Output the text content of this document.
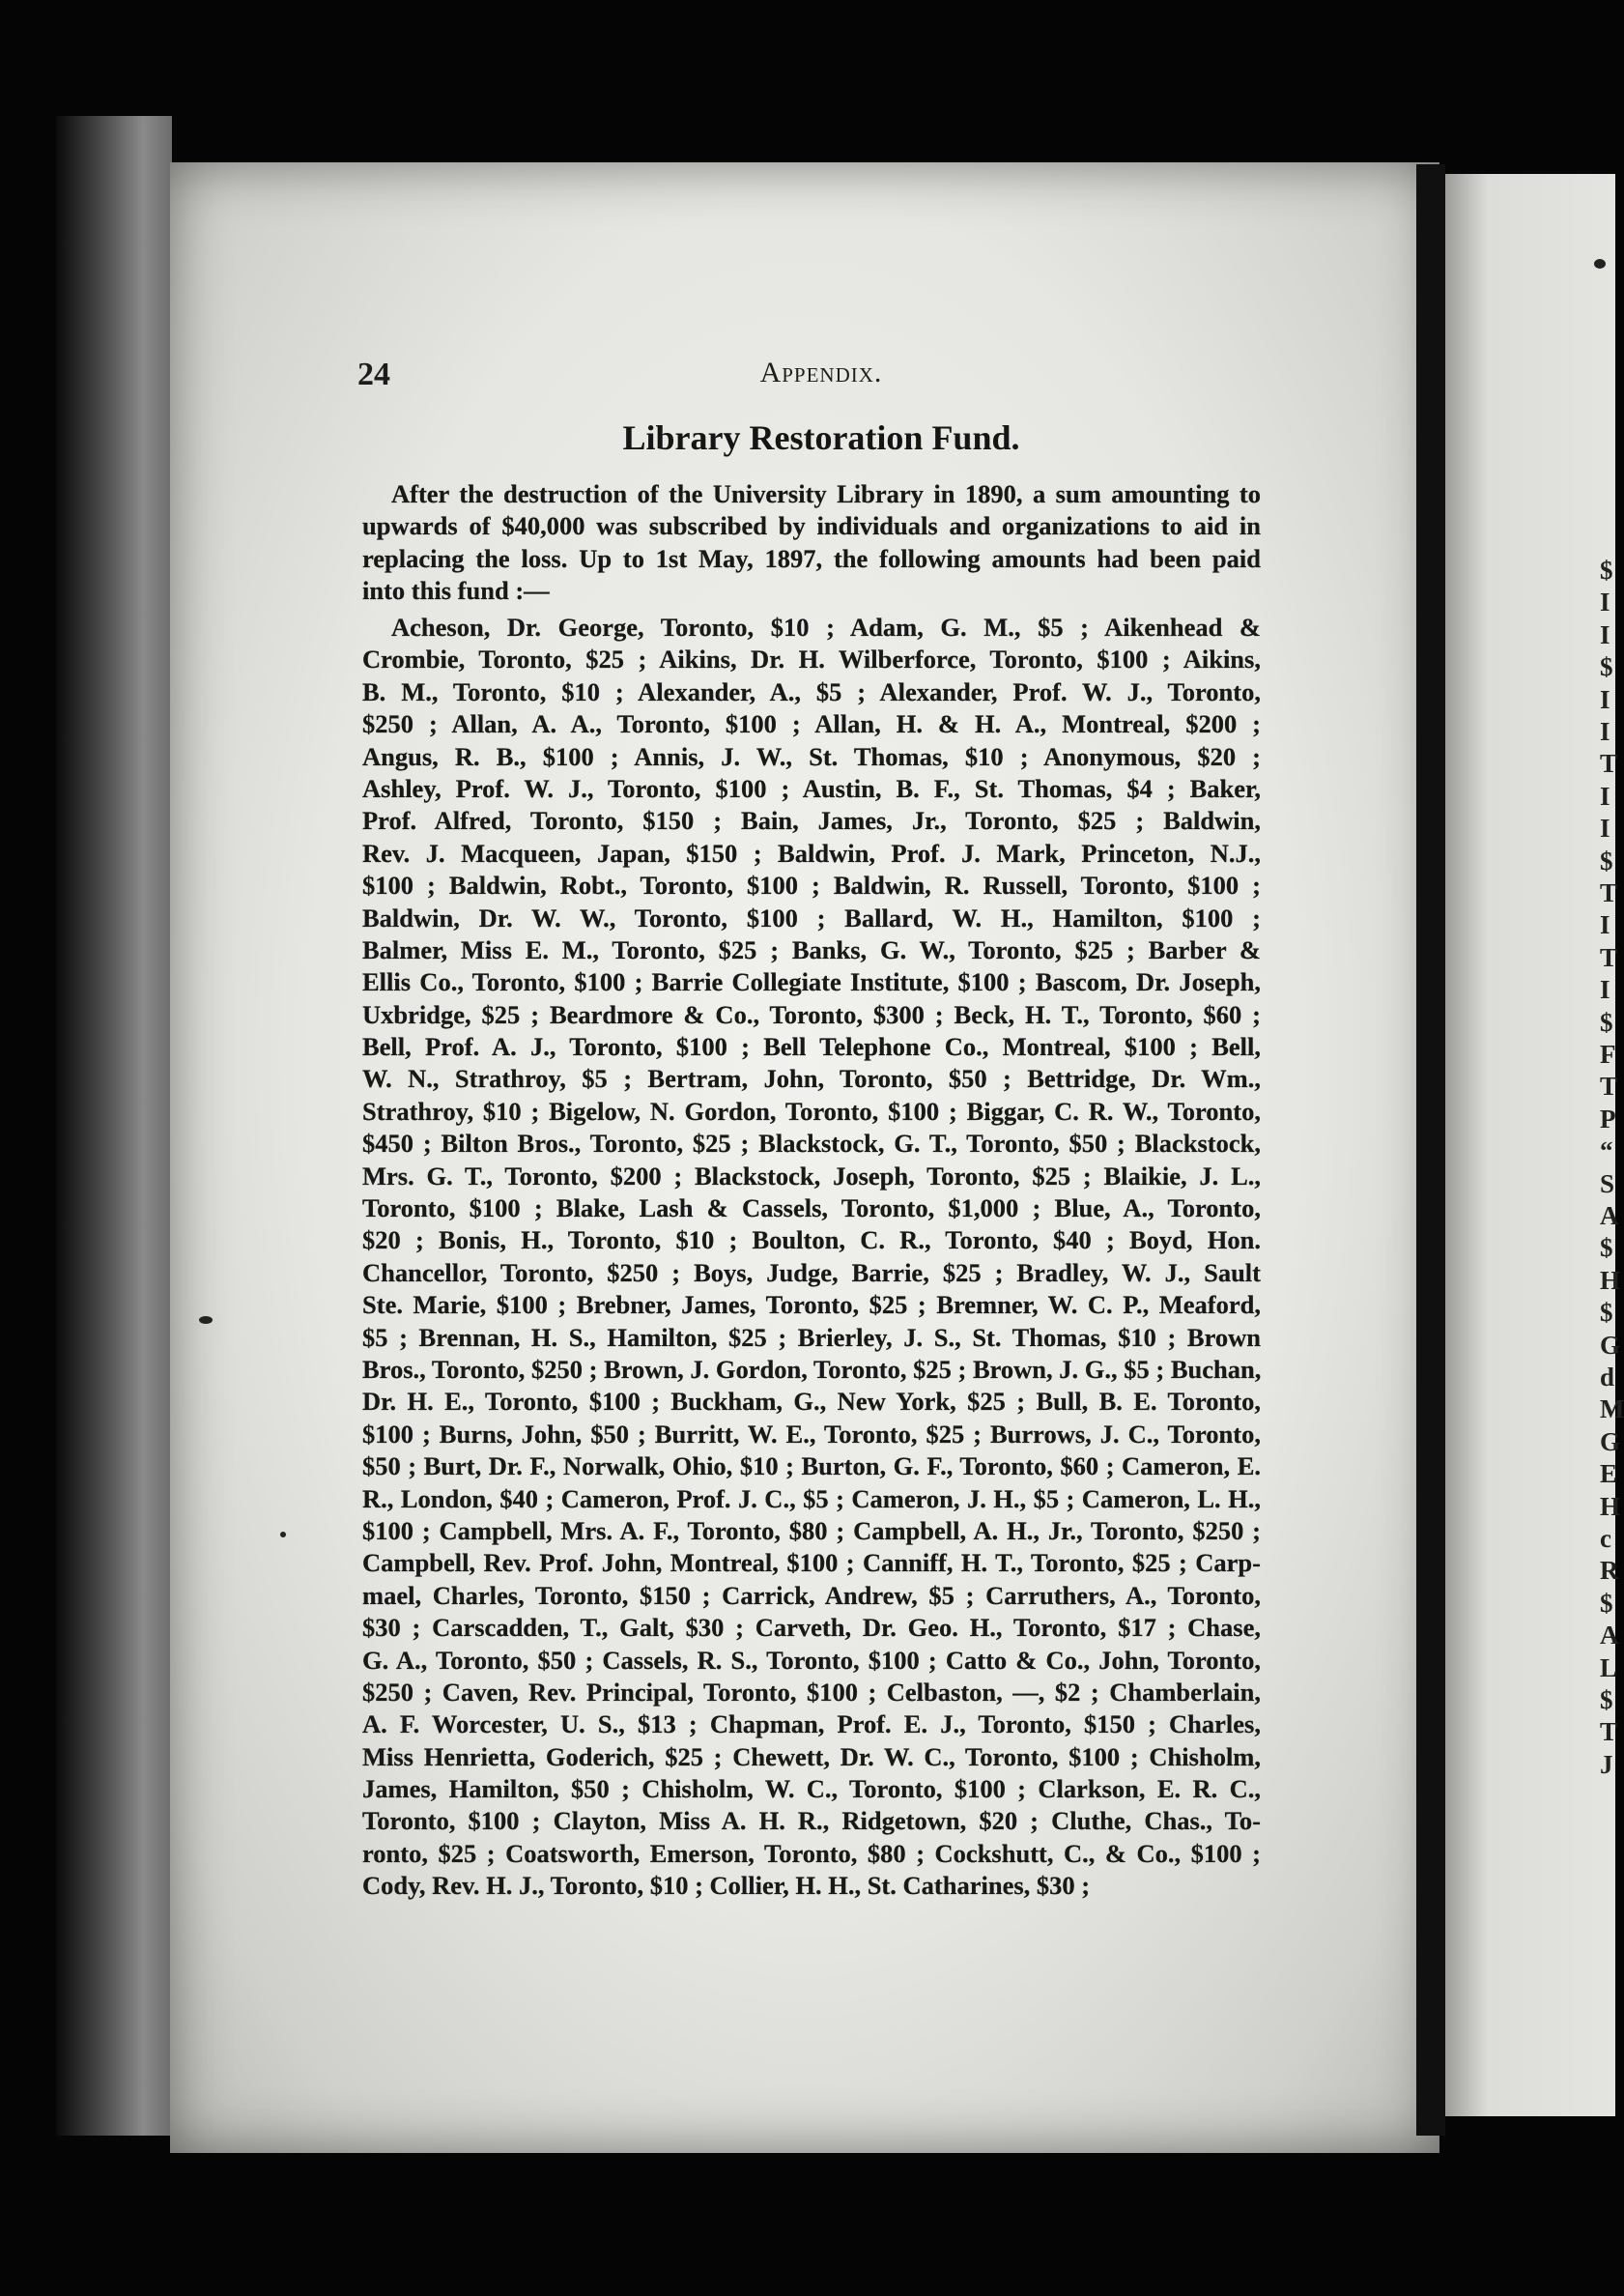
$
I
I
$
I
I
T
I
I
$
T
I
T
I
$
F
T
P
“
S
A
$
H
$
G
d
M
G
E
H
c
R
$
A
L
$
T
J
24	Appendix.
Library Restoration Fund.
After the destruction of the University Library in 1890, a sum amounting to
upwards of $40,000 was subscribed by individuals and organizations to aid in
replacing the loss. Up to 1st May, 1897, the following amounts had been paid
into this fund :—
Acheson, Dr. George, Toronto, $10 ; Adam, G. M., $5 ; Aikenhead &
Crombie, Toronto, $25 ; Aikins, Dr. H. Wilberforce, Toronto, $100 ; Aikins,
B. M., Toronto, $10 ; Alexander, A., $5 ; Alexander, Prof. W. J., Toronto,
$250 ; Allan, A. A., Toronto, $100 ; Allan, H. & H. A., Montreal, $200 ;
Angus, R. B., $100 ; Annis, J. W., St. Thomas, $10 ; Anonymous, $20 ;
Ashley, Prof. W. J., Toronto, $100 ; Austin, B. F., St. Thomas, $4 ; Baker,
Prof. Alfred, Toronto, $150 ; Bain, James, Jr., Toronto, $25 ; Baldwin,
Rev. J. Macqueen, Japan, $150 ; Baldwin, Prof. J. Mark, Princeton, N.J.,
$100 ; Baldwin, Robt., Toronto, $100 ; Baldwin, R. Russell, Toronto, $100 ;
Baldwin, Dr. W. W., Toronto, $100 ; Ballard, W. H., Hamilton, $100 ;
Balmer, Miss E. M., Toronto, $25 ; Banks, G. W., Toronto, $25 ; Barber &
Ellis Co., Toronto, $100 ; Barrie Collegiate Institute, $100 ; Bascom, Dr. Joseph,
Uxbridge, $25 ; Beardmore & Co., Toronto, $300 ; Beck, H. T., Toronto, $60 ;
Bell, Prof. A. J., Toronto, $100 ; Bell Telephone Co., Montreal, $100 ; Bell,
W. N., Strathroy, $5 ; Bertram, John, Toronto, $50 ; Bettridge, Dr. Wm.,
Strathroy, $10 ; Bigelow, N. Gordon, Toronto, $100 ; Biggar, C. R. W., Toronto,
$450 ; Bilton Bros., Toronto, $25 ; Blackstock, G. T., Toronto, $50 ; Blackstock,
Mrs. G. T., Toronto, $200 ; Blackstock, Joseph, Toronto, $25 ; Blaikie, J. L.,
Toronto, $100 ; Blake, Lash & Cassels, Toronto, $1,000 ; Blue, A., Toronto,
$20 ; Bonis, H., Toronto, $10 ; Boulton, C. R., Toronto, $40 ; Boyd, Hon.
Chancellor, Toronto, $250 ; Boys, Judge, Barrie, $25 ; Bradley, W. J., Sault
Ste. Marie, $100 ; Brebner, James, Toronto, $25 ; Bremner, W. C. P., Meaford,
$5 ; Brennan, H. S., Hamilton, $25 ; Brierley, J. S., St. Thomas, $10 ; Brown
Bros., Toronto, $250 ; Brown, J. Gordon, Toronto, $25 ; Brown, J. G., $5 ; Buchan,
Dr. H. E., Toronto, $100 ; Buckham, G., New York, $25 ; Bull, B. E. Toronto,
$100 ; Burns, John, $50 ; Burritt, W. E., Toronto, $25 ; Burrows, J. C., Toronto,
$50 ; Burt, Dr. F., Norwalk, Ohio, $10 ; Burton, G. F., Toronto, $60 ; Cameron, E.
R., London, $40 ; Cameron, Prof. J. C., $5 ; Cameron, J. H., $5 ; Cameron, L. H.,
$100 ; Campbell, Mrs. A. F., Toronto, $80 ; Campbell, A. H., Jr., Toronto, $250 ;
Campbell, Rev. Prof. John, Montreal, $100 ; Canniff, H. T., Toronto, $25 ; Carp-
mael, Charles, Toronto, $150 ; Carrick, Andrew, $5 ; Carruthers, A., Toronto,
$30 ; Carscadden, T., Galt, $30 ; Carveth, Dr. Geo. H., Toronto, $17 ; Chase,
G. A., Toronto, $50 ; Cassels, R. S., Toronto, $100 ; Catto & Co., John, Toronto,
$250 ; Caven, Rev. Principal, Toronto, $100 ; Celbaston, —, $2 ; Chamberlain,
A. F. Worcester, U. S., $13 ; Chapman, Prof. E. J., Toronto, $150 ; Charles,
Miss Henrietta, Goderich, $25 ; Chewett, Dr. W. C., Toronto, $100 ; Chisholm,
James, Hamilton, $50 ; Chisholm, W. C., Toronto, $100 ; Clarkson, E. R. C.,
Toronto, $100 ; Clayton, Miss A. H. R., Ridgetown, $20 ; Cluthe, Chas., To-
ronto, $25 ; Coatsworth, Emerson, Toronto, $80 ; Cockshutt, C., & Co., $100 ;
Cody, Rev. H. J., Toronto, $10 ; Collier, H. H., St. Catharines, $30 ;
